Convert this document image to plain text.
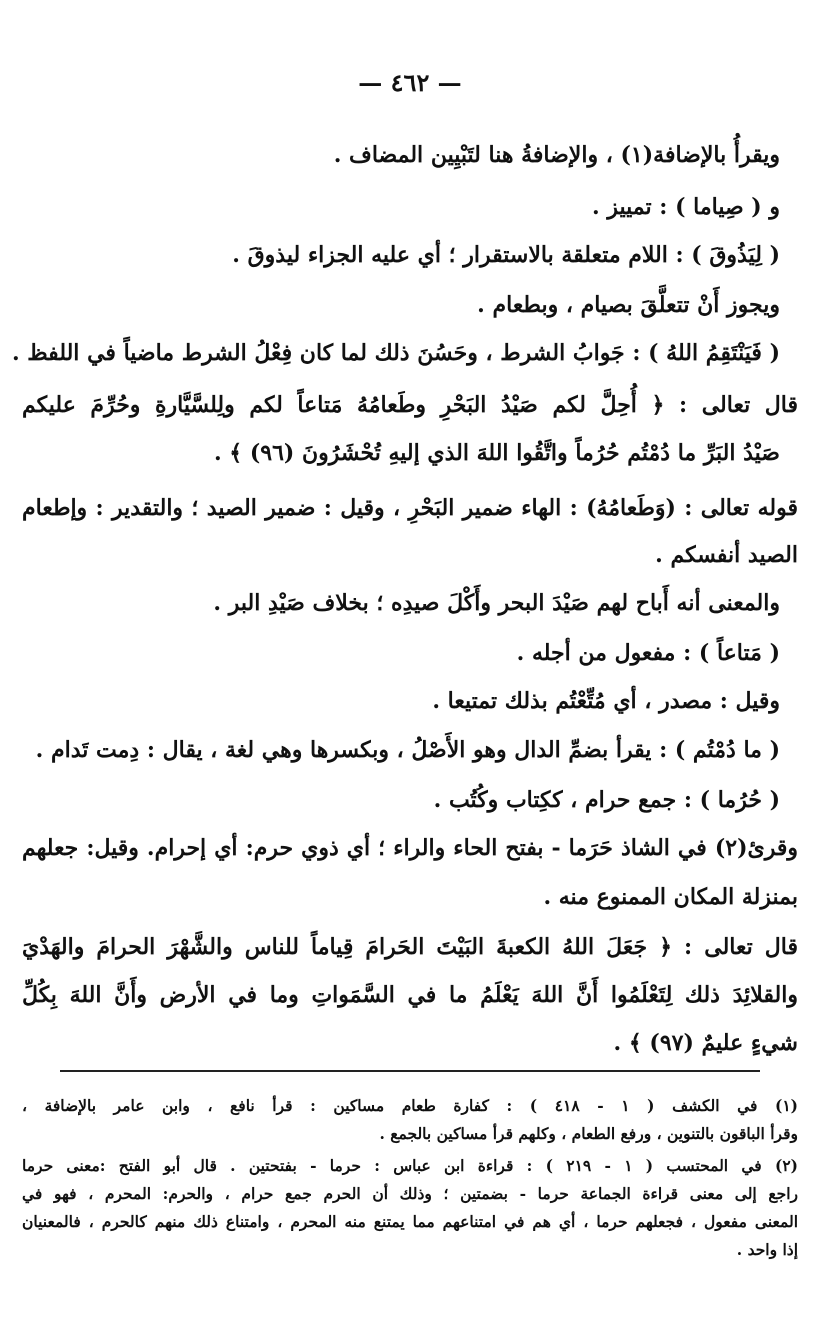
— ٤٦٢ —
ويقرأُ بالإضافة(١) ، والإضافةُ هنا لتَبْيِين المضاف .
و ( صِياما ) : تمييز .
( لِيَذُوقَ ) : اللام متعلقة بالاستقرار ؛ أي عليه الجزاء ليذوقَ .
ويجوز أَنْ تتعلَّقَ بصيام ، وبطعام .
( فَيَنْتَقِمُ اللهُ ) : جَوابُ الشرط ، وحَسُنَ ذلك لما كان فِعْلُ الشرط ماضياً في اللفظ .
قال تعالى : ﴿ أُحِلَّ لكم صَيْدُ البَحْرِ وطَعامُهُ مَتاعاً لكم ولِلسَّيَّارةِ وحُرِّمَ عليكم
صَيْدُ البَرِّ ما دُمْتُم حُرُماً واتَّقُوا اللهَ الذي إليهِ تُحْشَرُونَ (٩٦) ﴾ .
قوله تعالى : (وَطَعامُهُ) : الهاء ضمير البَحْرِ ، وقيل : ضمير الصيد ؛ والتقدير : وإطعام
الصيد أنفسكم .
والمعنى أنه أَباح لهم صَيْدَ البحر وأَكْلَ صيدِه ؛ بخلاف صَيْدِ البر .
( مَتاعاً ) : مفعول من أجله .
وقيل : مصدر ، أي مُتِّعْتُم بذلك تمتيعا .
( ما دُمْتُم ) : يقرأ بضمِّ الدال وهو الأَصْلُ ، وبكسرها وهي لغة ، يقال : دِمت تَدام .
( حُرُما ) : جمع حرام ، ككِتاب وكُتُب .
وقرئ(٢) في الشاذ حَرَما - بفتح الحاء والراء ؛ أي ذوي حرم: أي إحرام. وقيل: جعلهم
بمنزلة المكان الممنوع منه .
قال تعالى : ﴿ جَعَلَ اللهُ الكعبةَ البَيْتَ الحَرامَ قِياماً للناس والشَّهْرَ الحرامَ والهَدْيَ
والقلائِدَ ذلك لِتَعْلَمُوا أَنَّ اللهَ يَعْلَمُ ما في السَّمَواتِ وما في الأرض وأَنَّ اللهَ بِكُلِّ
شيءٍ عليمٌ (٩٧) ﴾ .
(١) في الكشف ( ١ - ٤١٨ ) : كفارة طعام مساكين : قرأ نافع ، وابن عامر بالإضافة ،
وقرأ الباقون بالتنوين ، ورفع الطعام ، وكلهم قرأ مساكين بالجمع .
(٢) في المحتسب ( ١ - ٢١٩ ) : قراءة ابن عباس : حرما - بفتحتين . قال أبو الفتح :معنى حرما
راجع إلى معنى قراءة الجماعة حرما - بضمتين ؛ وذلك أن الحرم جمع حرام ، والحرم: المحرم ، فهو في
المعنى مفعول ، فجعلهم حرما ، أي هم في امتناعهم مما يمتنع منه المحرم ، وامتناع ذلك منهم كالحرم ، فالمعنيان
إذا واحد .
